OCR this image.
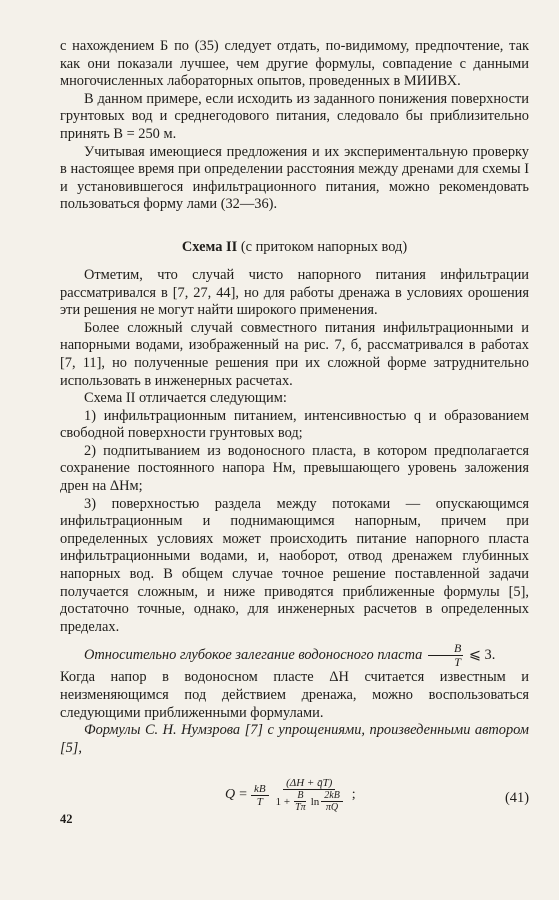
с нахождением Б по (35) следует отдать, по-видимому, предпочтение, так как они показали лучшее, чем другие формулы, совпадение с данными многочисленных лабораторных опытов, проведенных в МИИВХ.

В данном примере, если исходить из заданного понижения поверхности грунтовых вод и среднегодового питания, следовало бы приблизительно принять B = 250 м.

Учитывая имеющиеся предложения и их экспериментальную проверку в настоящее время при определении расстояния между дренами для схемы I и установившегося инфильтрационного питания, можно рекомендовать пользоваться форму лами (32—36).

Схема II (с притоком напорных вод)

Отметим, что случай чисто напорного питания инфильтрации рассматривался в [7, 27, 44], но для работы дренажа в условиях орошения эти решения не могут найти широкого применения.

Более сложный случай совместного питания инфильтрационными и напорными водами, изображенный на рис. 7, б, рассматривался в работах [7, 11], но полученные решения при их сложной форме затруднительно использовать в инженерных расчетах.

Схема II отличается следующим:

1) инфильтрационным питанием, интенсивностью q и образованием свободной поверхности грунтовых вод;

2) подпитыванием из водоносного пласта, в котором предполагается сохранение постоянного напора Hм, превышающего уровень заложения дрен на ΔHм;

3) поверхностью раздела между потоками — опускающимся инфильтрационным и поднимающимся напорным, причем при определенных условиях может происходить питание напорного пласта инфильтрационными водами, и, наоборот, отвод дренажем глубинных напорных вод. В общем случае точное решение поставленной задачи получается сложным, и ниже приводятся приближенные формулы [5], достаточно точные, однако, для инженерных расчетов в определенных пределах.

Относительно глубокое залегание водоносного пласта $\frac{B}{T}$ ⩽ 3.

Когда напор в водоносном пласте ΔH считается известным и неизменяющимся под действием дренажа, можно воспользоваться следующими приближенными формулами.

Формулы С. Н. Нумзрова [7] с упрощениями, произведенными автором [5],

$Q = \frac{kB}{T} (\Delta H$ + q̄T)
$1 + \frac{B}{T\pi}$ $\ln \frac{2kB}{\pi Q}$ ;	(41)
42
